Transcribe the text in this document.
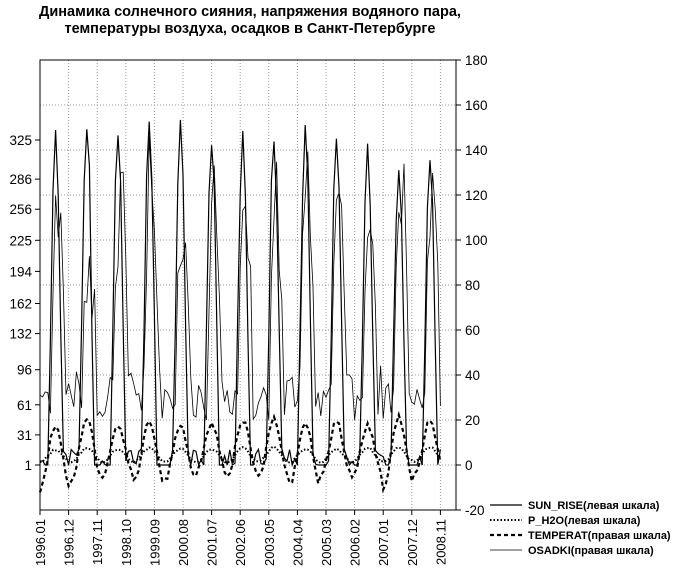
Динамика солнечного сияния, напряжения водяного пара,
температуры воздуха, осадков в Санкт-Петербурге
1
31
61
96
132
162
194
225
256
286
325
-20
0
20
40
60
80
100
120
140
160
180
1996.01 1996.12 1997.11 1998.10 1999.09 2000.08 2001.07 2002.06 2003.05 2004.04 2005.03 2006.02 2007.01 2007.12 2008.11
SUN_RISE(левая шкала)
P_H2O(левая шкала)
TEMPERAT(правая шкала)
OSADKI(правая шкала)
